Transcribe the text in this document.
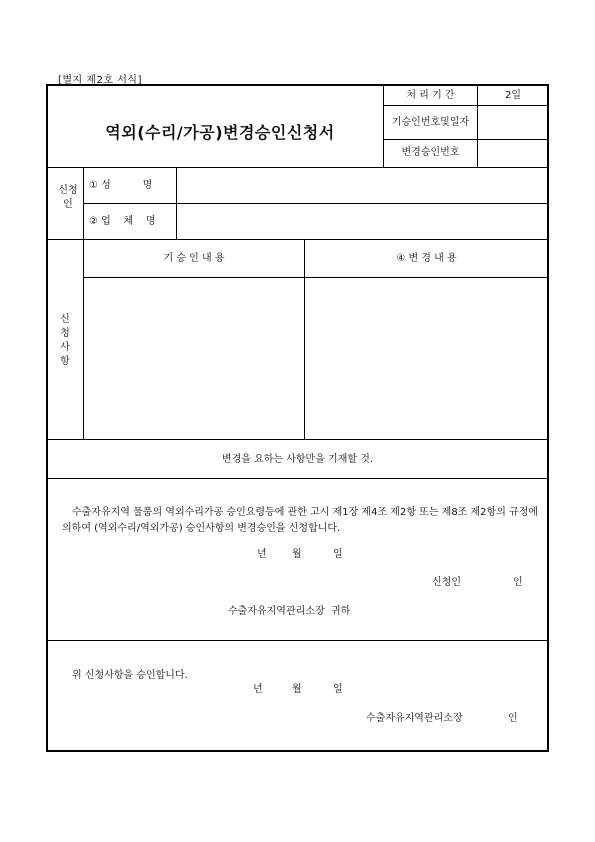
[별지 제2호 서식]
역외(수리/가공)변경승인신청서
처 리 기 간	2일
기승인번호및일자
변경승인번호
신청인
① 성          명
② 업    체    명
신청사항
기 승 인 내 용	④ 변 경 내 용
변경을 요하는 사항만을 기재할 것.
수출자유지역 물품의 역외수리가공 승인요령등에 관한 고시 제1장 제4조 제2항 또는 제8조 제2항의 규정에 의하여 (역외수리/역외가공) 승인사항의 변경승인을 신청합니다.
년	월	일
신청인	인
수출자유지역관리소장  귀하
위 신청사항을 승인합니다.
년	월	일
수출자유지역관리소장	인
